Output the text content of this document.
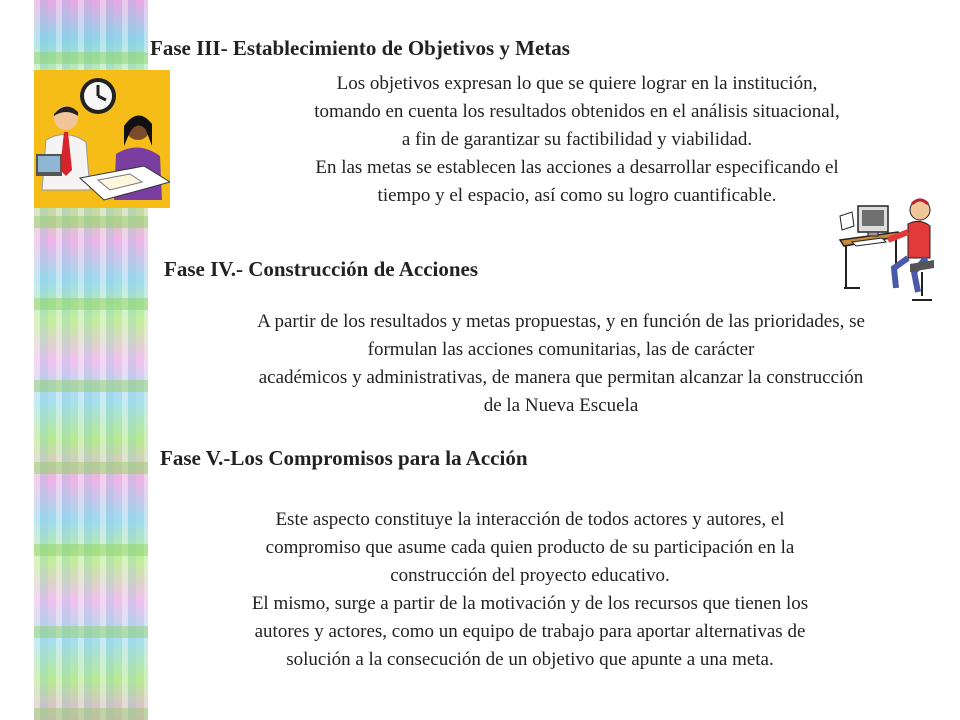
Fase III- Establecimiento de Objetivos y Metas
Los objetivos expresan lo que se quiere lograr en la institución,
tomando en cuenta los resultados obtenidos en el análisis situacional,
a fin de garantizar su factibilidad y viabilidad.
En las metas se establecen las acciones a desarrollar especificando el
tiempo y el espacio, así como su logro cuantificable.
Fase IV.- Construcción de Acciones
A partir de los resultados y metas propuestas, y en función de las prioridades, se
formulan las acciones comunitarias, las de carácter
académicos y administrativas, de manera que permitan alcanzar la construcción
de la Nueva Escuela
Fase V.-Los Compromisos para la Acción
Este aspecto constituye la interacción de todos actores y autores, el
compromiso que asume cada quien producto de su participación en la
construcción del proyecto educativo.
El mismo, surge a partir de la motivación y de los recursos que tienen los
autores y actores, como un equipo de trabajo para aportar alternativas de
solución a la consecución de un objetivo que apunte a una meta.
